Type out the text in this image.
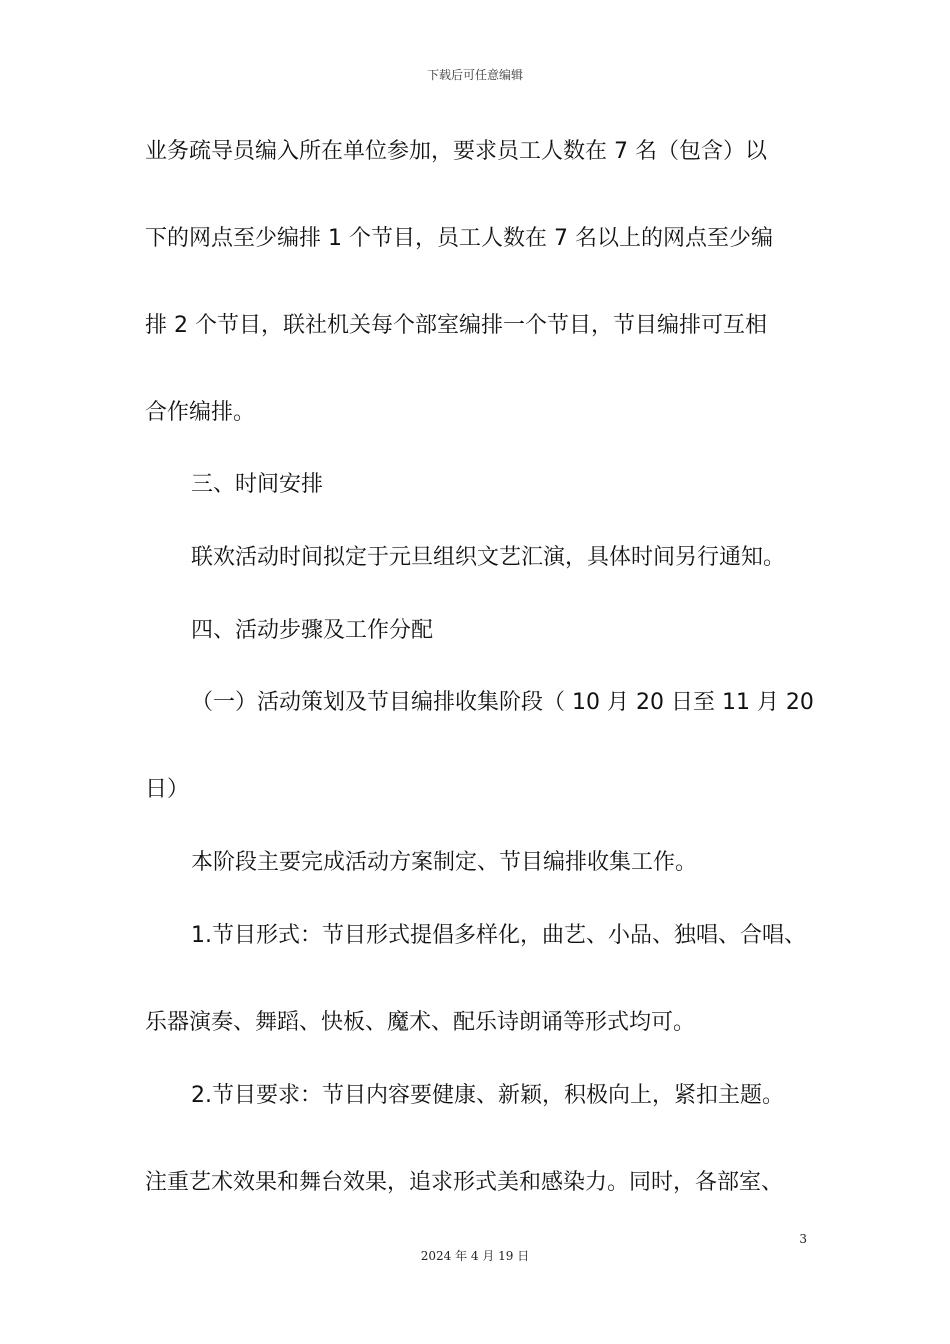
下载后可任意编辑
业务疏导员编入所在单位参加，要求员工人数在 7 名（包含）以
下的网点至少编排 1 个节目，员工人数在 7 名以上的网点至少编
排 2 个节目，联社机关每个部室编排一个节目，节目编排可互相
合作编排。
三、时间安排
联欢活动时间拟定于元旦组织文艺汇演，具体时间另行通知。
四、活动步骤及工作分配
（一）活动策划及节目编排收集阶段（ 10 月 20 日至 11 月 20
日）
本阶段主要完成活动方案制定、节目编排收集工作。
1.节目形式：节目形式提倡多样化，曲艺、小品、独唱、合唱、
乐器演奏、舞蹈、快板、魔术、配乐诗朗诵等形式均可。
2.节目要求：节目内容要健康、新颖，积极向上，紧扣主题。
注重艺术效果和舞台效果，追求形式美和感染力。同时，各部室、
3
2024 年 4 月 19 日
